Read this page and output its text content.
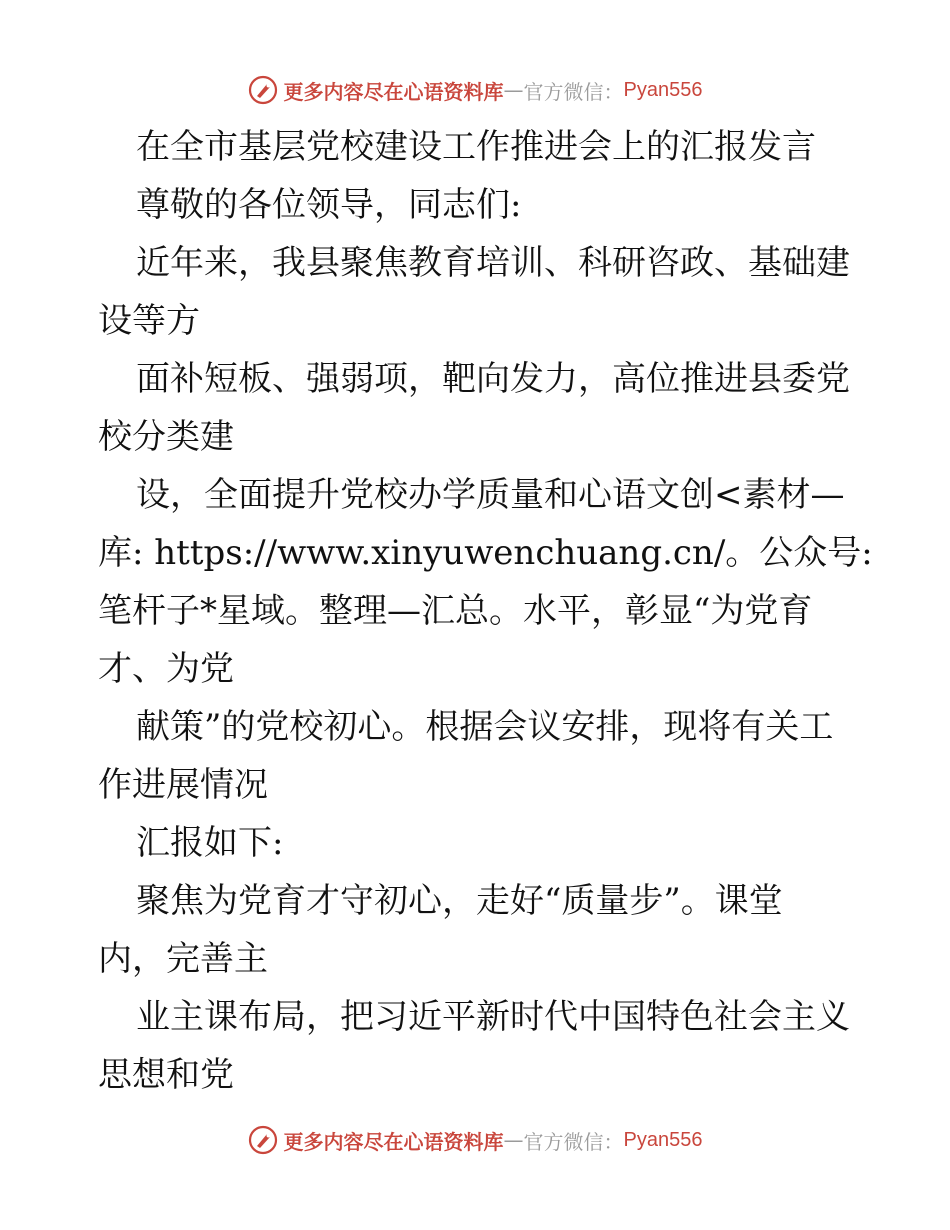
更多内容尽在心语资料库 — 官方微信： Pyan556
在全市基层党校建设工作推进会上的汇报发言
尊敬的各位领导，同志们:
近年来，我县聚焦教育培训、科研咨政、基础建
设等方
面补短板、强弱项，靶向发力，高位推进县委党
校分类建
设，全面提升党校办学质量和心语文创<素材—
库: https://www.xinyuwenchuang.cn/。公众号:
笔杆子*星域。整理—汇总。水平，彰显“为党育
才、为党
献策”的党校初心。根据会议安排，现将有关工
作进展情况
汇报如下:
聚焦为党育才守初心，走好“质量步”。课堂
内，完善主
业主课布局，把习近平新时代中国特色社会主义
思想和党
更多内容尽在心语资料库 — 官方微信： Pyan556
